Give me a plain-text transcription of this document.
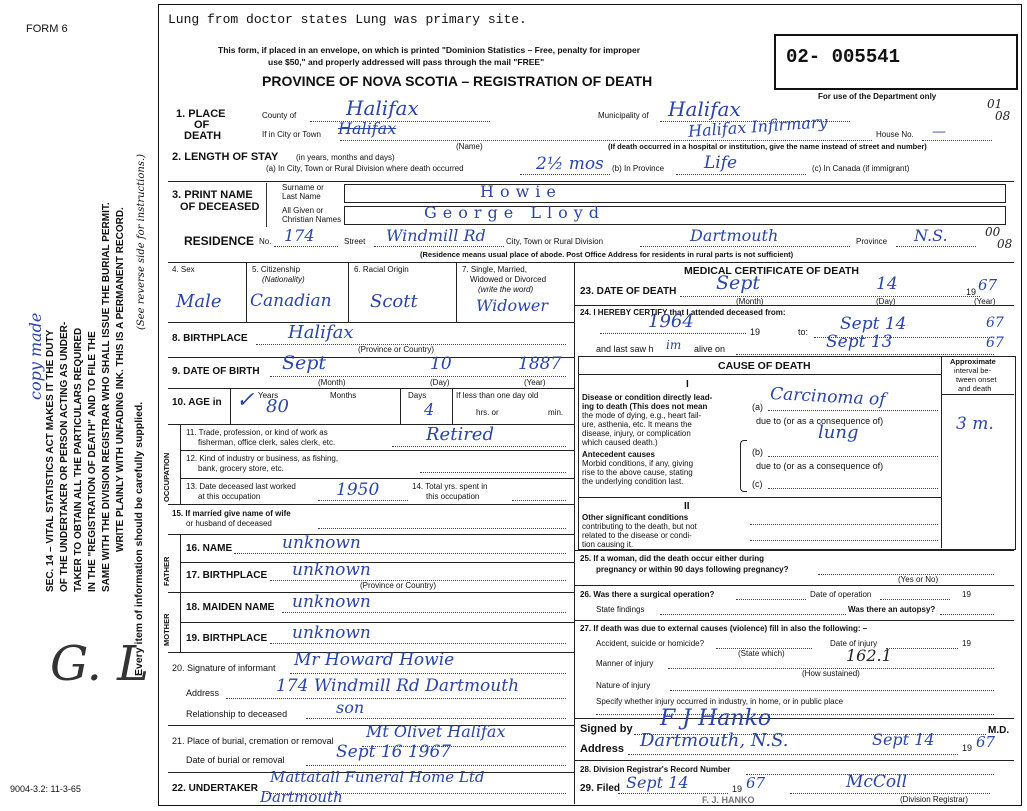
FORM 6
Lung from doctor states Lung was primary site.
This form, if placed in an envelope, on which is printed "Dominion Statistics – Free, penalty for improper
use $50," and properly addressed will pass through the mail "FREE"
PROVINCE OF NOVA SCOTIA – REGISTRATION OF DEATH
02- 005541
For use of the Department only
01
08
SEC. 14 – VITAL STATISTICS ACT MAKES IT THE DUTY OF THE UNDERTAKER OR PERSON ACTING AS UNDER- TAKER TO OBTAIN ALL THE PARTICULARS REQUIRED IN THE "REGISTRATION OF DEATH" AND TO FILE THE SAME WITH THE DIVISION REGISTRAR WHO SHALL ISSUE THE BURIAL PERMIT. WRITE PLAINLY WITH UNFADING INK. THIS IS A PERMANENT RECORD. Every item of information should be carefully supplied.
(See reverse side for instructions.)
copy made
G. L
9004-3.2: 11-3-65
1. PLACE
OF
DEATH
County of Halifax	Municipality of Halifax
If in City or Town Halifax	Halifax Infirmary
(Name)
House No. —
(If death occurred in a hospital or institution, give the name instead of street and number)
2. LENGTH OF STAY (in years, months and days)
(a) In City, Town or Rural Division where death occurred	2½ mos (b) In Province Life	(c) In Canada (if immigrant)
3. PRINT NAME
OF DECEASED
Surname or
Last Name	Howie
All Given or
Christian Names	George Lloyd
RESIDENCE No. 174	Street Windmill Rd	City, Town or Rural Division	Dartmouth	Province N.S.	00
08
(Residence means usual place of abode. Post Office Address for residents in rural parts is not sufficient)
4. Sex
Male
5. Citizenship
(Nationality)
Canadian
6. Racial Origin
Scott
7. Single, Married,
Widowed or Divorced
(write the word)
Widower
8. BIRTHPLACE Halifax
(Province or Country)
9. DATE OF BIRTH Sept	10	1887
(Month)	(Day)	(Year)
10. AGE in
Years
80
✓	Months	Days
4
If less than one day old
hrs. or	min.
OCCUPATION
11. Trade, profession, or kind of work as
fisherman, office clerk, sales clerk, etc.	Retired
12. Kind of industry or business, as fishing,
bank, grocery store, etc.
13. Date deceased last worked
at this occupation	1950	14. Total yrs. spent in
this occupation
15. If married give name of wife
or husband of deceased
FATHER
MOTHER
16. NAME	unknown
17. BIRTHPLACE unknown
(Province or Country)
18. MAIDEN NAME unknown
19. BIRTHPLACE unknown
20. Signature of informant Mr Howard Howie
Address	174 Windmill Rd Dartmouth
Relationship to deceased	son
21. Place of burial, cremation or removal Mt Olivet Halifax
Date of burial or removal	Sept 16 1967
22. UNDERTAKER
Mattatall Funeral Home Ltd
Dartmouth
MEDICAL CERTIFICATE OF DEATH
23. DATE OF DEATH Sept	14	19 67
(Month)	(Day)	(Year)
24. I HEREBY CERTIFY that I attended deceased from:
1964	19	to: Sept 14	67
and last saw h im alive on	Sept 13	67
CAUSE OF DEATH	Approximate
interval be-
tween onset
and death
I
Disease or condition directly lead-
ing to death (This does not mean
the mode of dying, e.g., heart fail-
ure, asthenia, etc. It means the
disease, injury, or complication
which caused death.)
(a) Carcinoma of
due to (or as a consequence of)
lung	3 m.
Antecedent causes
Morbid conditions, if any, giving
rise to the above cause, stating
the underlying condition last.
(b)
due to (or as a consequence of)
(c)
II
Other significant conditions
contributing to the death, but not
related to the disease or condi-
tion causing it.
25. If a woman, did the death occur either during
pregnancy or within 90 days following pregnancy?
(Yes or No)
26. Was there a surgical operation?	Date of operation	19
State findings	Was there an autopsy?
27. If death was due to external causes (violence) fill in also the following: –
Accident, suicide or homicide?
(State which)
Date of injury	19
Manner of injury	162.1
(How sustained)
Nature of injury
Specify whether injury occurred in industry, in home, or in public place
Signed by F J Hanko	M.D.
Address Dartmouth, N.S.	Sept 14	19 67
28. Division Registrar's Record Number
29. Filed Sept 14	19 67	McColl
(Division Registrar)
F. J. HANKO
